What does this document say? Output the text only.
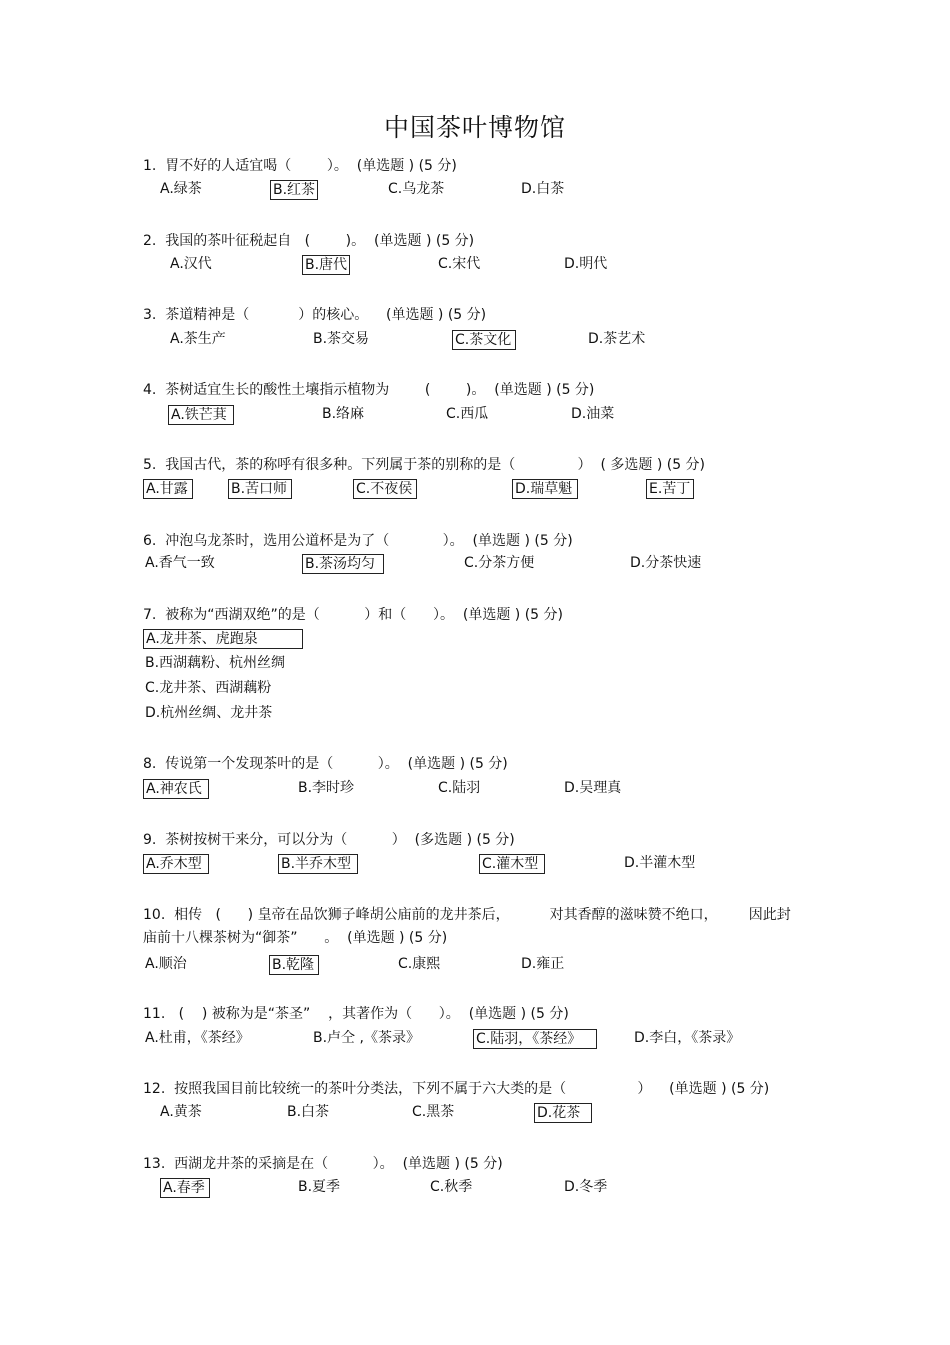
中国茶叶博物馆
1.  胃不好的人适宜喝（        ）。  (单选题 ) (5 分)
A.绿茶	B.红茶	C.乌龙茶	D.白茶
2.  我国的茶叶征税起自   (        )。  (单选题 ) (5 分)
A.汉代	B.唐代	C.宋代	D.明代
3.  茶道精神是（           ）的核心。    (单选题 ) (5 分)
A.茶生产	B.茶交易	C.茶文化	D.茶艺术
4.  茶树适宜生长的酸性土壤指示植物为        (        )。  (单选题 ) (5 分)
A.铁芒萁	B.络麻	C.西瓜	D.油菜
5.  我国古代，茶的称呼有很多种。下列属于茶的别称的是（              ）  ( 多选题 ) (5 分)
A.甘露	B.苦口师	C.不夜侯	D.瑞草魁	E.苦丁
6.  冲泡乌龙茶时，选用公道杯是为了（            ）。  (单选题 ) (5 分)
A.香气一致	B.茶汤均匀	C.分茶方便	D.分茶快速
7.  被称为“西湖双绝”的是（          ）和（      ）。  (单选题 ) (5 分)
A.龙井茶、虎跑泉
B.西湖藕粉、杭州丝绸
C.龙井茶、西湖藕粉
D.杭州丝绸、龙井茶
8.  传说第一个发现茶叶的是（          ）。  (单选题 ) (5 分)
A.神农氏	B.李时珍	C.陆羽	D.吴理真
9.  茶树按树干来分，可以分为（          ）  (多选题 ) (5 分)
A.乔木型	B.半乔木型	C.灌木型	D.半灌木型
10.  相传   (      ) 皇帝在品饮狮子峰胡公庙前的龙井茶后，         对其香醇的滋味赞不绝口，       因此封
庙前十八棵茶树为“御茶”      。  (单选题 ) (5 分)
A.顺治	B.乾隆	C.康熙	D.雍正
11.   (    ) 被称为是“茶圣”    ，其著作为（      ）。  (单选题 ) (5 分)
A.杜甫，《茶经》	B.卢仝 ,《茶录》	C.陆羽，《茶经》	D.李白，《茶录》
12.  按照我国目前比较统一的茶叶分类法，下列不属于六大类的是（                ）    (单选题 ) (5 分)
A.黄茶	B.白茶	C.黑茶	D.花茶
13.  西湖龙井茶的采摘是在（          ）。  (单选题 ) (5 分)
A.春季	B.夏季	C.秋季	D.冬季
